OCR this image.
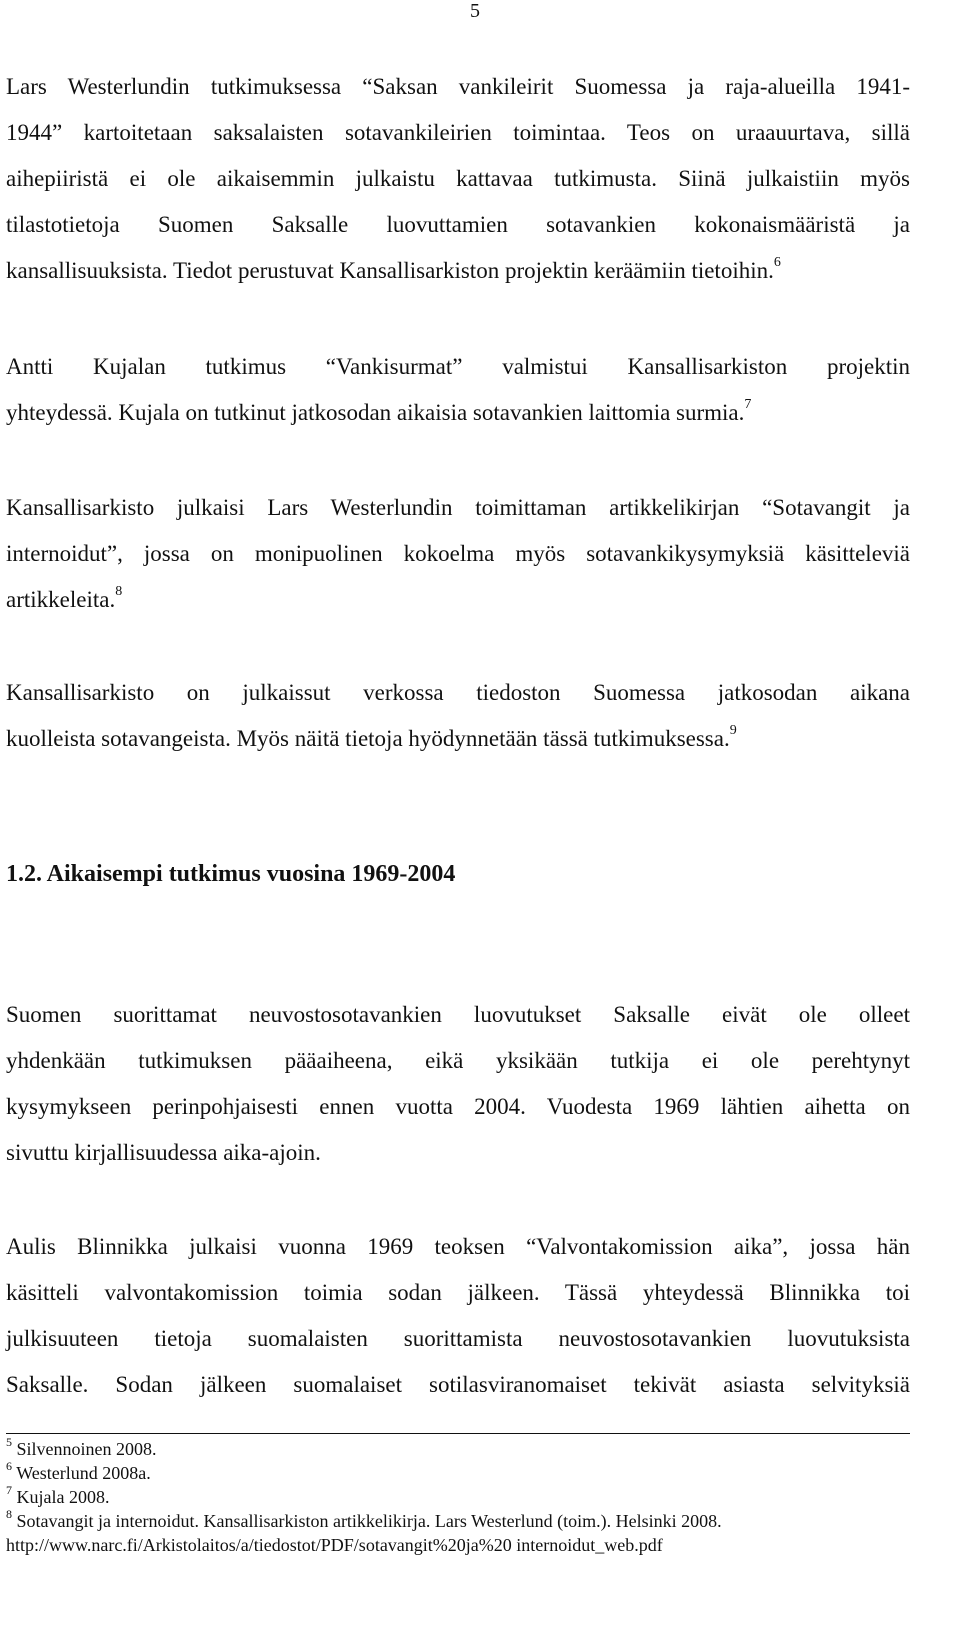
5
Lars Westerlundin tutkimuksessa “Saksan vankileirit Suomessa ja raja-alueilla 1941-
1944” kartoitetaan saksalaisten sotavankileirien toimintaa. Teos on uraauurtava, sillä
aihepiiristä ei ole aikaisemmin julkaistu kattavaa tutkimusta. Siinä julkaistiin myös
tilastotietoja Suomen Saksalle luovuttamien sotavankien kokonaismääristä ja
kansallisuuksista. Tiedot perustuvat Kansallisarkiston projektin keräämiin tietoihin.$^6$
Antti Kujalan tutkimus “Vankisurmat” valmistui Kansallisarkiston projektin
yhteydessä. Kujala on tutkinut jatkosodan aikaisia sotavankien laittomia surmia.$^7$
Kansallisarkisto julkaisi Lars Westerlundin toimittaman artikkelikirjan “Sotavangit ja
internoidut”, jossa on monipuolinen kokoelma myös sotavankikysymyksiä käsitteleviä
artikkeleita.$^8$
Kansallisarkisto on julkaissut verkossa tiedoston Suomessa jatkosodan aikana
kuolleista sotavangeista. Myös näitä tietoja hyödynnetään tässä tutkimuksessa.$^9$
1.2. Aikaisempi tutkimus vuosina 1969-2004
Suomen suorittamat neuvostosotavankien luovutukset Saksalle eivät ole olleet
yhdenkään tutkimuksen pääaiheena, eikä yksikään tutkija ei ole perehtynyt
kysymykseen perinpohjaisesti ennen vuotta 2004. Vuodesta 1969 lähtien aihetta on
sivuttu kirjallisuudessa aika-ajoin.
Aulis Blinnikka julkaisi vuonna 1969 teoksen “Valvontakomission aika”, jossa hän
käsitteli valvontakomission toimia sodan jälkeen. Tässä yhteydessä Blinnikka toi
julkisuuteen tietoja suomalaisten suorittamista neuvostosotavankien luovutuksista
Saksalle. Sodan jälkeen suomalaiset sotilasviranomaiset tekivät asiasta selvityksiä
$^5$ Silvennoinen 2008.
$^6$ Westerlund 2008a.
$^7$ Kujala 2008.
$^8$ Sotavangit ja internoidut. Kansallisarkiston artikkelikirja. Lars Westerlund (toim.). Helsinki 2008.
http://www.narc.fi/Arkistolaitos/a/tiedostot/PDF/sotavangit%20ja%20 internoidut_web.pdf
